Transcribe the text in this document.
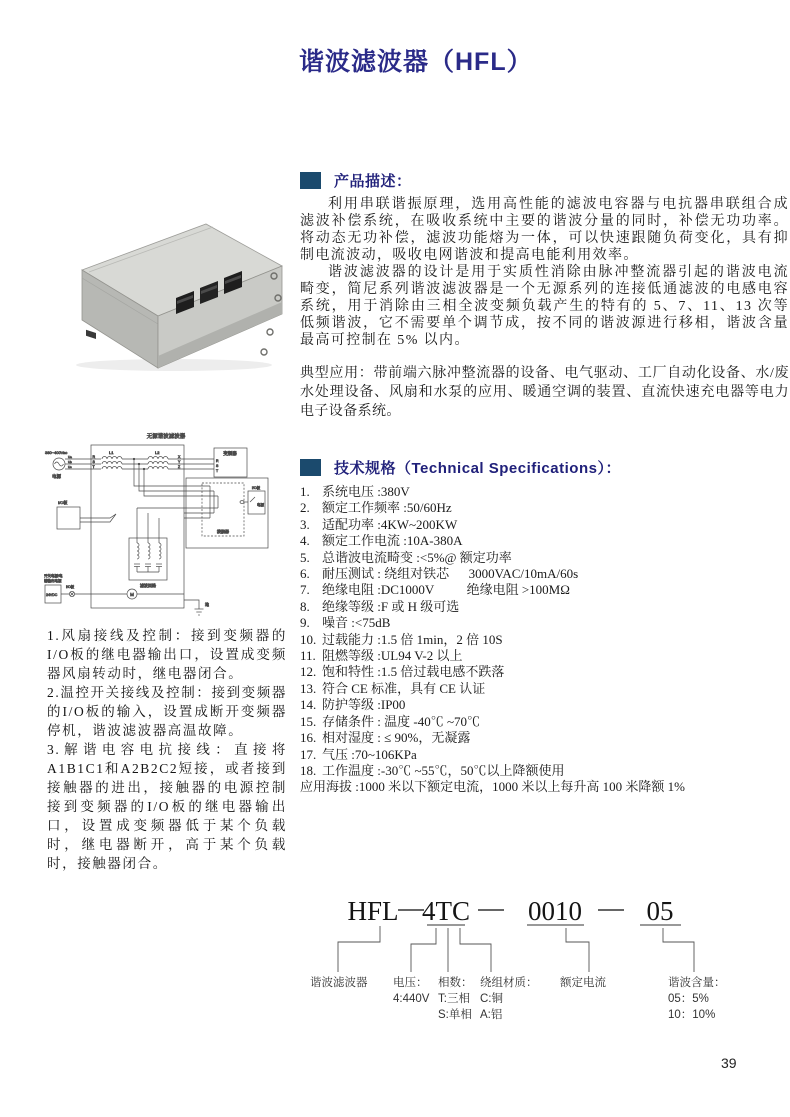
谐波滤波器（HFL）
产品描述：

利用串联谐振原理，选用高性能的滤波电容器与电抗器串联组合成滤波补偿系统，在吸收系统中主要的谐波分量的同时，补偿无功功率。将动态无功补偿，滤波功能熔为一体，可以快速跟随负荷变化，具有抑制电流波动，吸收电网谐波和提高电能利用效率。

谐波滤波器的设计是用于实质性消除由脉冲整流器引起的谐波电流畸变，简尼系列谐波滤波器是一个无源系列的连接低通滤波的电感电容系统，用于消除由三相全波变频负载产生的特有的 5、7、11、13 次等低频谐波，它不需要单个调节成，按不同的谐波源进行移相，谐波含量最高可控制在 5% 以内。

典型应用：带前端六脉冲整流器的设备、电气驱动、工厂自动化设备、水/废水处理设备、风扇和水泵的应用、暖通空调的装置、直流快速充电器等电力电子设备系统。

无源谐波滤波器
380~400Vac
电源
Ua
Ub
Uc
R
S
T
L1	L2
X
Y
Z
变频器
R
S
T
接触器
I/O板
电源
I/O板
滤波回路
开关电源/电
辅输出电源
24VDC
I/O板
M
地
技术规格（Technical Specifications）：
1. 系统电压 :380V
2. 额定工作频率 :50/60Hz
3. 适配功率 :4KW~200KW
4. 额定工作电流 :10A-380A
5. 总谐波电流畸变 :<5%@ 额定功率
6. 耐压测试 : 绕组对铁芯      3000VAC/10mA/60s
7. 绝缘电阻 :DC1000V          绝缘电阻 >100MΩ
8. 绝缘等级 :F 或 H 级可选
9. 噪音 :<75dB
10. 过载能力 :1.5 倍 1min，2 倍 10S
11. 阻燃等级 :UL94 V-2 以上
12. 饱和特性 :1.5 倍过载电感不跌落
13. 符合 CE 标准，具有 CE 认证
14. 防护等级 :IP00
15. 存储条件 : 温度 -40℃ ~70℃
16. 相对湿度 : ≤ 90%，无凝露
17. 气压 :70~106KPa
18. 工作温度 :-30℃ ~55℃，50℃以上降额使用
应用海拔 :1000 米以下额定电流，1000 米以上每升高 100 米降额 1%

1.风扇接线及控制：接到变频器的I/O板的继电器输出口，设置成变频器风扇转动时，继电器闭合。

2.温控开关接线及控制：接到变频器的I/O板的输入，设置成断开变频器停机，谐波滤波器高温故障。

3.解谐电容电抗接线：直接将A1B1C1和A2B2C2短接，或者接到接触器的进出，接触器的电源控制接到变频器的I/O板的继电器输出口，设置成变频器低于某个负载时，继电器断开，高于某个负载时，接触器闭合。

HFL 4TC 0010 05
谐波滤波器 电压：
4:440V
相数：
T:三相
S:单相
绕组材质：
C:铜
A:铝
额定电流	谐波含量：
05：5%
10：10%
39
